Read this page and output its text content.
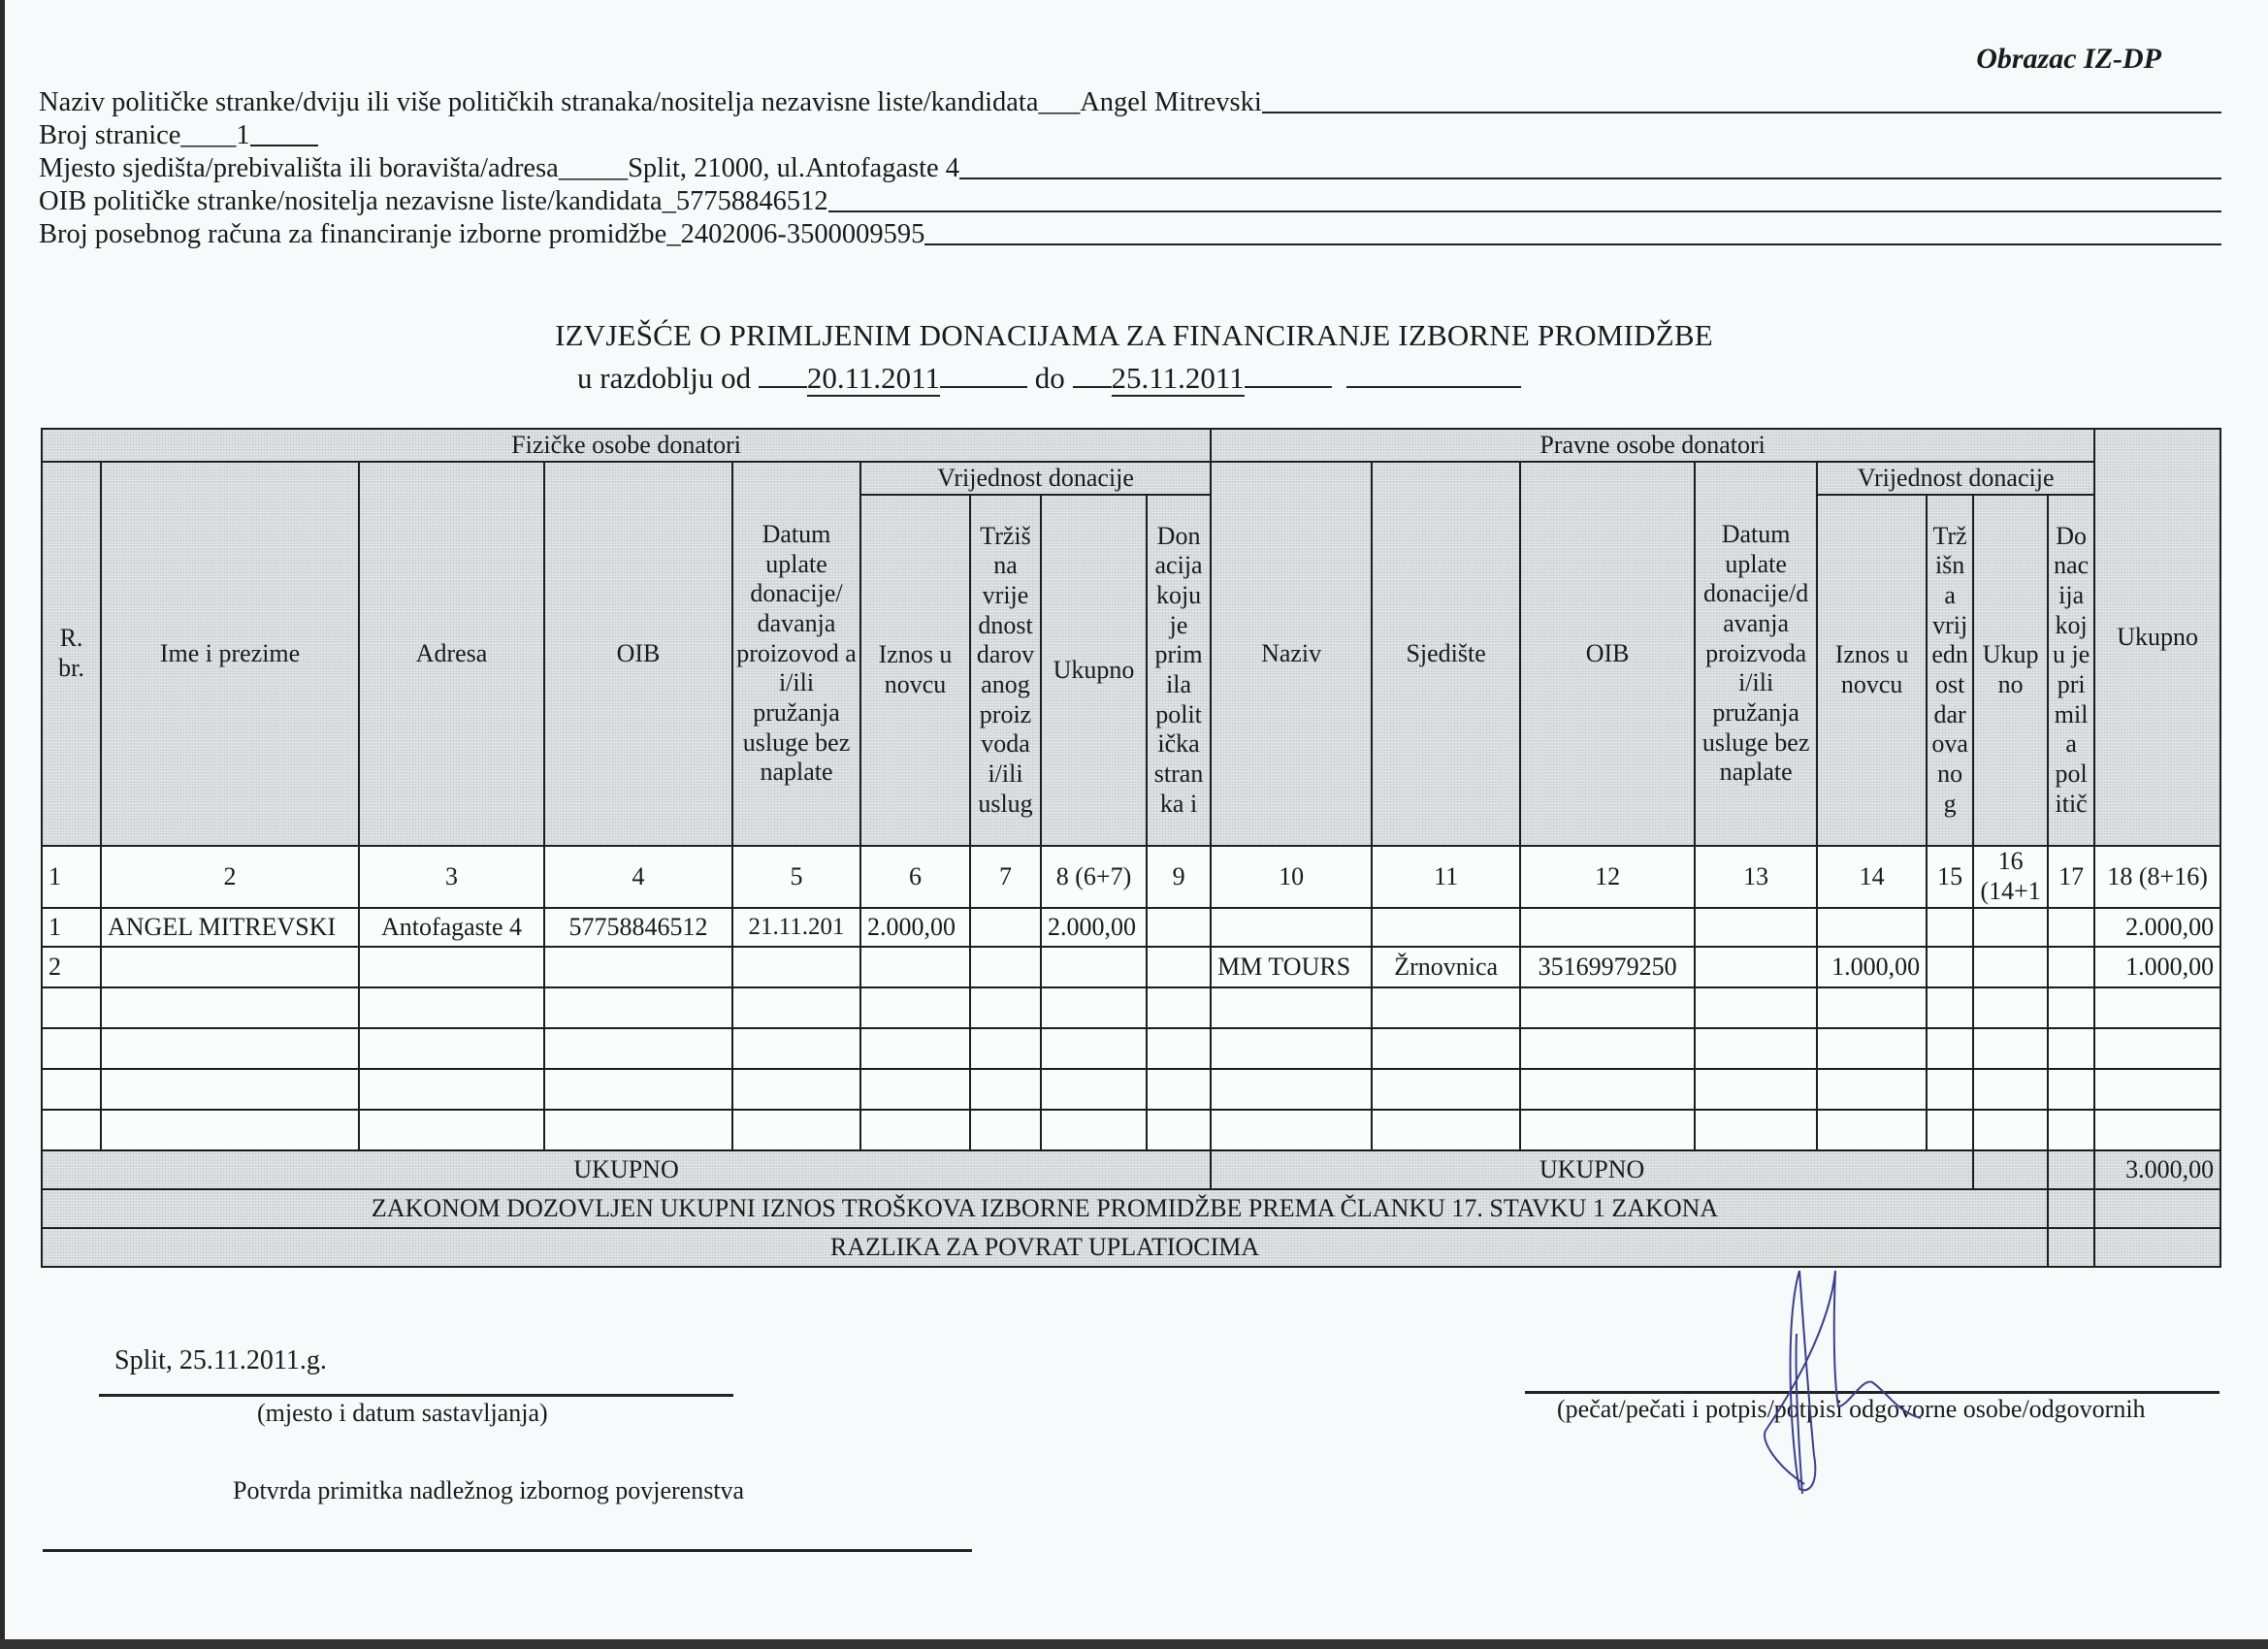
Obrazac IZ-DP
Naziv političke stranke/dviju ili više političkih stranaka/nositelja nezavisne liste/kandidata ___ Angel Mitrevski
Broj stranice ____ 1
Mjesto sjedišta/prebivališta ili boravišta/adresa _____ Split, 21000, ul.Antofagaste 4
OIB političke stranke/nositelja nezavisne liste/kandidata _ 57758846512
Broj posebnog računa za financiranje izborne promidžbe _ 2402006-3500009595
IZVJEŠĆE O PRIMLJENIM DONACIJAMA ZA FINANCIRANJE IZBORNE PROMIDŽBE
u razdoblju od 20.11.2011	do 25.11.2011
Fizičke osobe donatori									Pravne osobe donatori								Ukupno
R. br.	Ime i prezime	Adresa	OIB	Datum uplate donacije/ davanja proizovod a i/ili pružanja usluge bez naplate	Vrijednost donacije				Naziv	Sjedište	OIB	Datum uplate donacije/d avanja proizvoda i/ili pružanja usluge bez naplate	Vrijednost donacije				
					Iznos u novcu	Tržiš na vrije dnost darov anog proiz voda i/ili uslug	Ukupno	Don acija koju je prim ila polit ička stran ka i					Iznos u novcu	Trž išn a vrij edn ost dar ova no g	Ukup no	Do nac ija koj u je pri mil a pol itič	
1	2	3	4	5	6	7	8 (6+7)	9	10	11	12	13	14	15	16 (14+1	17	18 (8+16)
1	ANGEL MITREVSKI	Antofagaste 4	57758846512	21.11.201	2.000,00		2.000,00										2.000,00
2									MM TOURS	Žrnovnica	35169979250		1.000,00				1.000,00

UKUPNO									UKUPNO								3.000,00
ZAKONOM DOZOVLJEN UKUPNI IZNOS TROŠKOVA IZBORNE PROMIDŽBE PREMA ČLANKU 17. STAVKU 1 ZAKONA																	
RAZLIKA ZA POVRAT UPLATIOCIMA																	
Split, 25.11.2011.g.
(mjesto i datum sastavljanja)
Potvrda primitka nadležnog izbornog povjerenstva
(pečat/pečati i potpis/potpisi odgovorne osobe/odgovornih
